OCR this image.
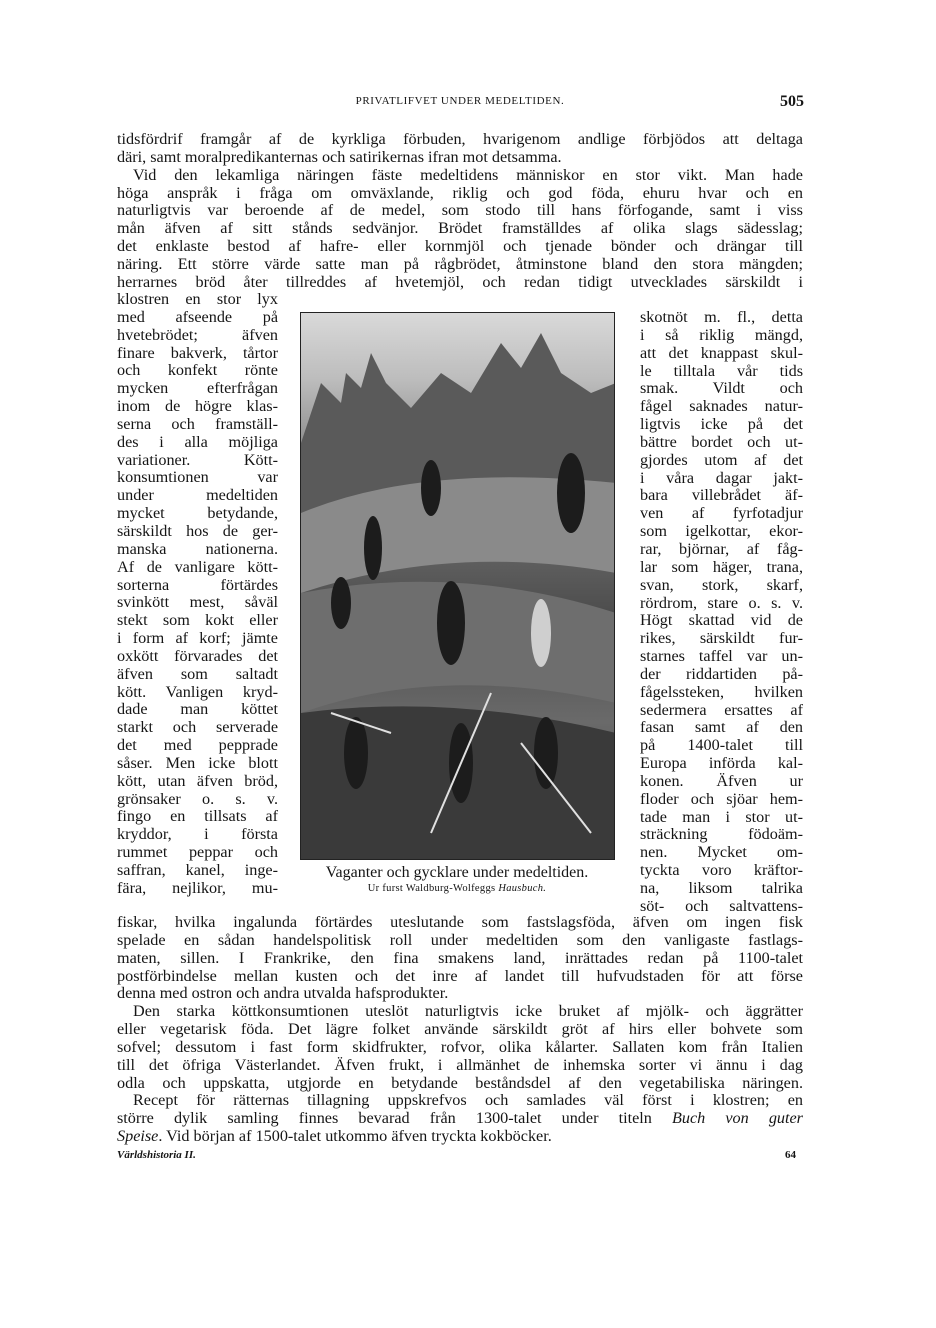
PRIVATLIFVET UNDER MEDELTIDEN.	505
tidsfördrif framgår af de kyrkliga förbuden, hvarigenom andlige förbjödos att deltaga
däri, samt moralpredikanternas och satirikernas ifran mot detsamma.
Vid den lekamliga näringen fäste medeltidens människor en stor vikt. Man hade
höga anspråk i fråga om omväxlande, riklig och god föda, ehuru hvar och en
naturligtvis var beroende af de medel, som stodo till hans förfogande, samt i viss
mån äfven af sitt stånds sedvänjor. Brödet framställdes af olika slags sädesslag;
det enklaste bestod af hafre- eller kornmjöl och tjenade bönder och drängar till
näring. Ett större värde satte man på rågbrödet, åtminstone bland den stora mängden;
herrarnes bröd åter tillreddes af hvetemjöl, och redan tidigt utvecklades särskildt i
klostren en stor lyx
med afseende på
hvetebrödet; äfven
finare bakverk, tårtor
och konfekt rönte
mycken efterfrågan
inom de högre klas-
serna och framställ-
des i alla möjliga
variationer. Kött-
konsumtionen var
under medeltiden
mycket betydande,
särskildt hos de ger-
manska nationerna.
Af de vanligare kött-
sorterna förtärdes
svinkött mest, såväl
stekt som kokt eller
i form af korf; jämte
oxkött förvarades det
äfven som saltadt
kött. Vanligen kryd-
dade man köttet
starkt och serverade
det med pepprade
såser. Men icke blott
kött, utan äfven bröd,
grönsaker o. s. v.
fingo en tillsats af
kryddor, i första
rummet peppar och
saffran, kanel, inge-
fära, nejlikor, mu-
skotnöt m. fl., detta
i så riklig mängd,
att det knappast skul-
le tilltala vår tids
smak. Vildt och
fågel saknades natur-
ligtvis icke på det
bättre bordet och ut-
gjordes utom af det
i våra dagar jakt-
bara villebrådet äf-
ven af fyrfotadjur
som igelkottar, ekor-
rar, björnar, af fåg-
lar som häger, trana,
svan, stork, skarf,
rördrom, stare o. s. v.
Högt skattad vid de
rikes, särskildt fur-
starnes taffel var un-
der riddartiden på-
fågelssteken, hvilken
sedermera ersattes af
fasan samt af den
på 1400-talet till
Europa införda kal-
konen. Äfven ur
floder och sjöar hem-
tade man i stor ut-
sträckning födoäm-
nen. Mycket om-
tyckta voro kräftor-
na, liksom talrika
söt- och saltvattens-
fiskar, hvilka ingalunda förtärdes uteslutande som fastslagsföda, äfven om ingen fisk
spelade en sådan handelspolitisk roll under medeltiden som den vanligaste fastlags-
maten, sillen. I Frankrike, den fina smakens land, inrättades redan på 1100-talet
postförbindelse mellan kusten och det inre af landet till hufvudstaden för att förse
denna med ostron och andra utvalda hafsprodukter.
Den starka köttkonsumtionen uteslöt naturligtvis icke bruket af mjölk- och äggrätter
eller vegetarisk föda. Det lägre folket använde särskildt gröt af hirs eller bohvete som
sofvel; dessutom i fast form skidfrukter, rofvor, olika kålarter. Sallaten kom från Italien
till det öfriga Västerlandet. Äfven frukt, i allmänhet de inhemska sorter vi ännu i dag
odla och uppskatta, utgjorde en betydande beståndsdel af den vegetabiliska näringen.
Recept för rätternas tillagning uppskrefvos och samlades väl först i klostren; en
större dylik samling finnes bevarad från 1300-talet under titeln Buch von guter
Speise. Vid början af 1500-talet utkommo äfven tryckta kokböcker.
Vaganter och gycklare under medeltiden.
Ur furst Waldburg-Wolfeggs Hausbuch.
Världshistoria II.	64
